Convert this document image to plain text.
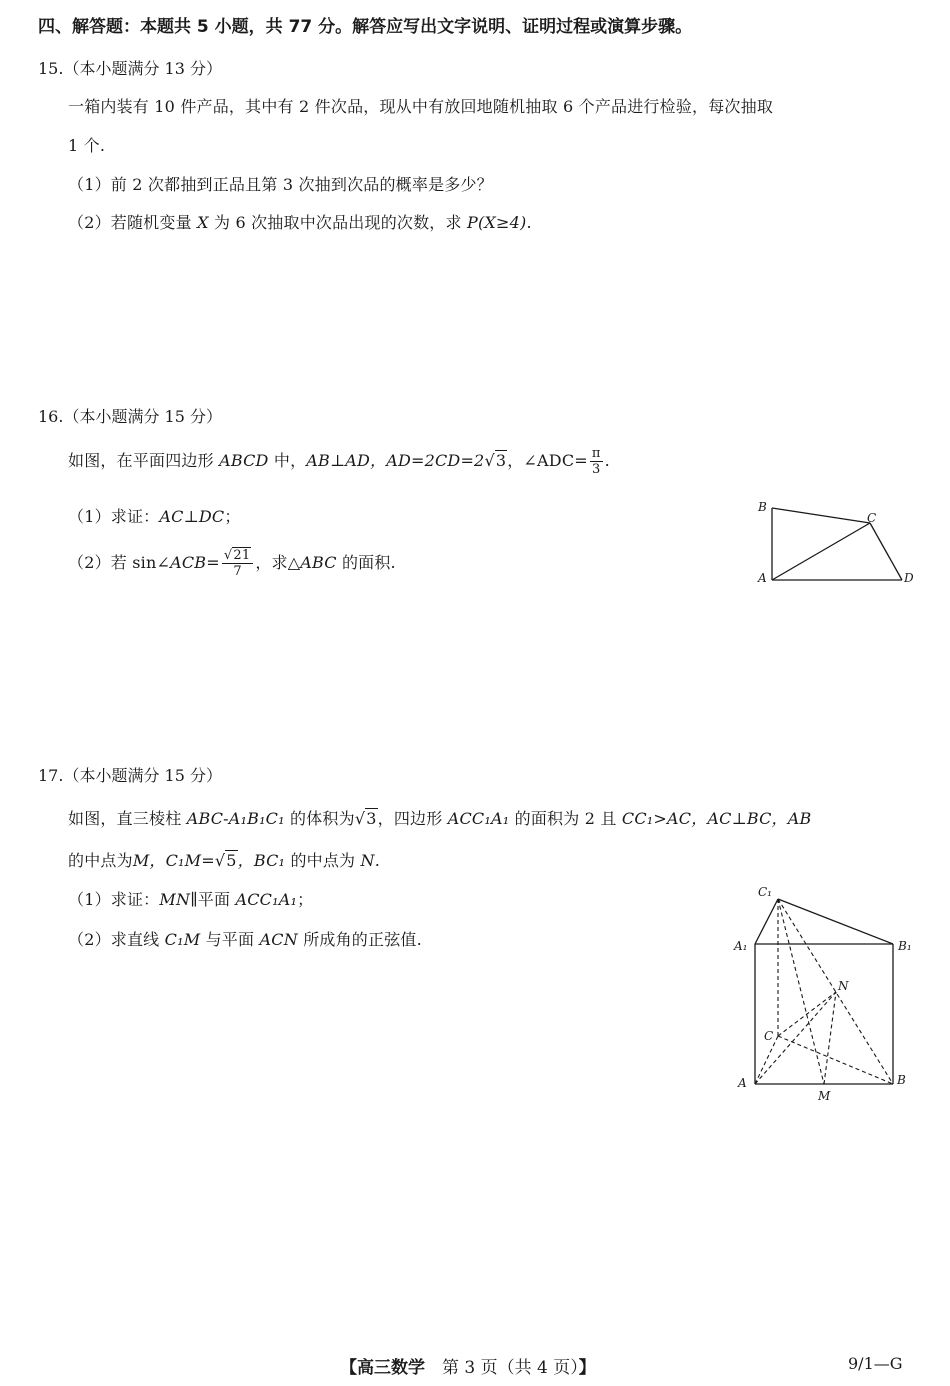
四、解答题：本题共 5 小题，共 77 分。解答应写出文字说明、证明过程或演算步骤。
15.（本小题满分 13 分）
一箱内装有 10 件产品，其中有 2 件次品，现从中有放回地随机抽取 6 个产品进行检验，每次抽取
1 个.
（1）前 2 次都抽到正品且第 3 次抽到次品的概率是多少？
（2）若随机变量 X 为 6 次抽取中次品出现的次数，求 P(X≥4).
16.（本小题满分 15 分）
如图，在平面四边形 ABCD 中，AB⊥AD，AD=2CD=2√3，∠ADC= $\frac{\pi}{3}$ .
（1）求证：AC⊥DC；
（2）若 sin∠ACB= $\frac{√21}{7}$ ，求△ABC 的面积.
B
A
C
D
17.（本小题满分 15 分）
如图，直三棱柱 ABC-A₁B₁C₁ 的体积为√3，四边形 ACC₁A₁ 的面积为 2 且 CC₁>AC，AC⊥BC，AB
的中点为M，C₁M=√5，BC₁ 的中点为 N.
（1）求证：MN∥平面 ACC₁A₁；
（2）求直线 C₁M 与平面 ACN 所成角的正弦值.
C₁
A₁	B₁
N
C
A	B
M
【高三数学　第 3 页（共 4 页）】	9/1—G
